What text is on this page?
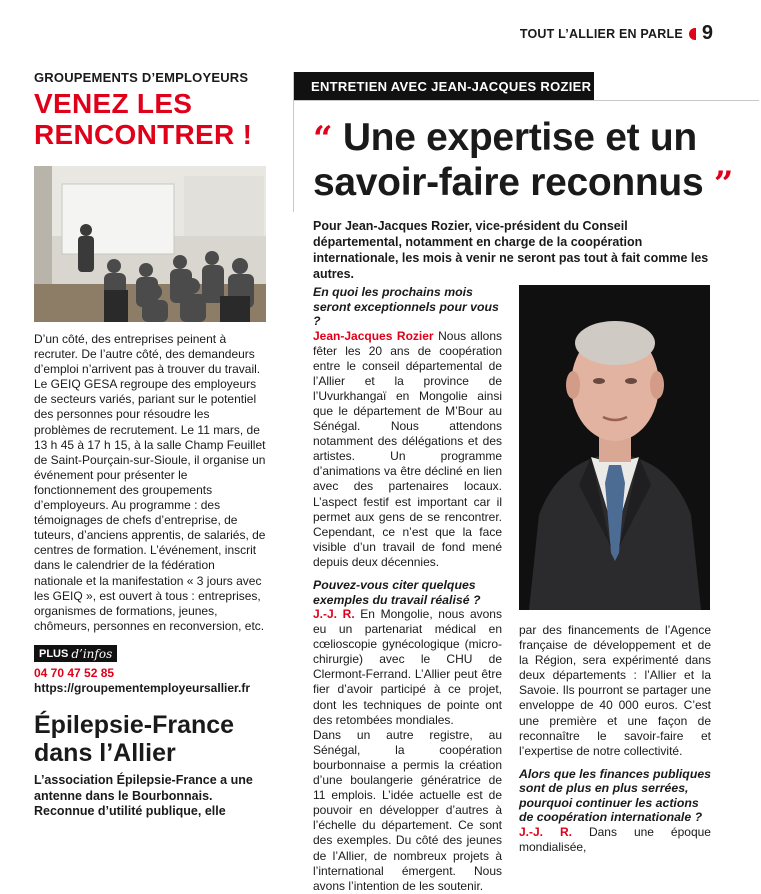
TOUT L’ALLIER EN PARLE 9
GROUPEMENTS D’EMPLOYEURS
VENEZ LES
RENCONTRER !
D’un côté, des entreprises peinent à recruter. De l’autre côté, des demandeurs d’emploi n’arrivent pas à trouver du travail. Le GEIQ GESA regroupe des employeurs de secteurs variés, pariant sur le potentiel des personnes pour résoudre les problèmes de recrutement. Le 11 mars, de 13 h 45 à 17 h 15, à la salle Champ Feuillet de Saint-Pourçain-sur-Sioule, il organise un événement pour présenter le fonctionnement des groupements d’employeurs. Au programme : des témoignages de chefs d’entreprise, de tuteurs, d’anciens apprentis, de salariés, de centres de formation. L’événement, inscrit dans le calendrier de la fédération nationale et la manifestation « 3 jours avec les GEIQ », est ouvert à tous : entreprises, organismes de formations, jeunes, chômeurs, personnes en reconversion, etc.
PLUS d’infos
04 70 47 52 85
https://groupementemployeursallier.fr
Épilepsie-France
dans l’Allier
L’association Épilepsie-France a une antenne dans le Bourbonnais. Reconnue d’utilité publique, elle
ENTRETIEN AVEC JEAN-JACQUES ROZIER
“ Une expertise et un
savoir-faire reconnus ”
Pour Jean-Jacques Rozier, vice-président du Conseil départemental, notamment en charge de la coopération internationale, les mois à venir ne seront pas tout à fait comme les autres.
En quoi les prochains mois seront exceptionnels pour vous ?

Jean-Jacques Rozier Nous allons fêter les 20 ans de coopération entre le conseil départemental de l’Allier et la province de l’Uvurkhangaï en Mongolie ainsi que le département de M’Bour au Sénégal. Nous attendons notamment des délégations et des artistes. Un programme d’animations va être décliné en lien avec des partenaires locaux. L’aspect festif est important car il permet aux gens de se rencontrer. Cependant, ce n’est que la face visible d’un travail de fond mené depuis deux décennies.

Pouvez-vous citer quelques exemples du travail réalisé ?

J.-J. R. En Mongolie, nous avons eu un partenariat médical en cœlioscopie gynécologique (micro-chirurgie) avec le CHU de Clermont-Ferrand. L’Allier peut être fier d’avoir participé à ce projet, dont les techniques de pointe ont des retombées mondiales.

Dans un autre registre, au Sénégal, la coopération bourbonnaise a permis la création d’une boulangerie génératrice de 11 emplois. L’idée actuelle est de pouvoir en développer d’autres à l’échelle du département. Ce sont des exemples. Du côté des jeunes de l’Allier, de nombreux projets à l’international émergent. Nous avons l’intention de les soutenir.

par des financements de l’Agence française de développement et de la Région, sera expérimenté dans deux départements : l’Allier et la Savoie. Ils pourront se partager une enveloppe de 40 000 euros. C’est une première et une façon de reconnaître le savoir-faire et l’expertise de notre collectivité.

Alors que les finances publiques sont de plus en plus serrées, pourquoi continuer les actions de coopération internationale ?

J.-J. R. Dans une époque mondialisée,
